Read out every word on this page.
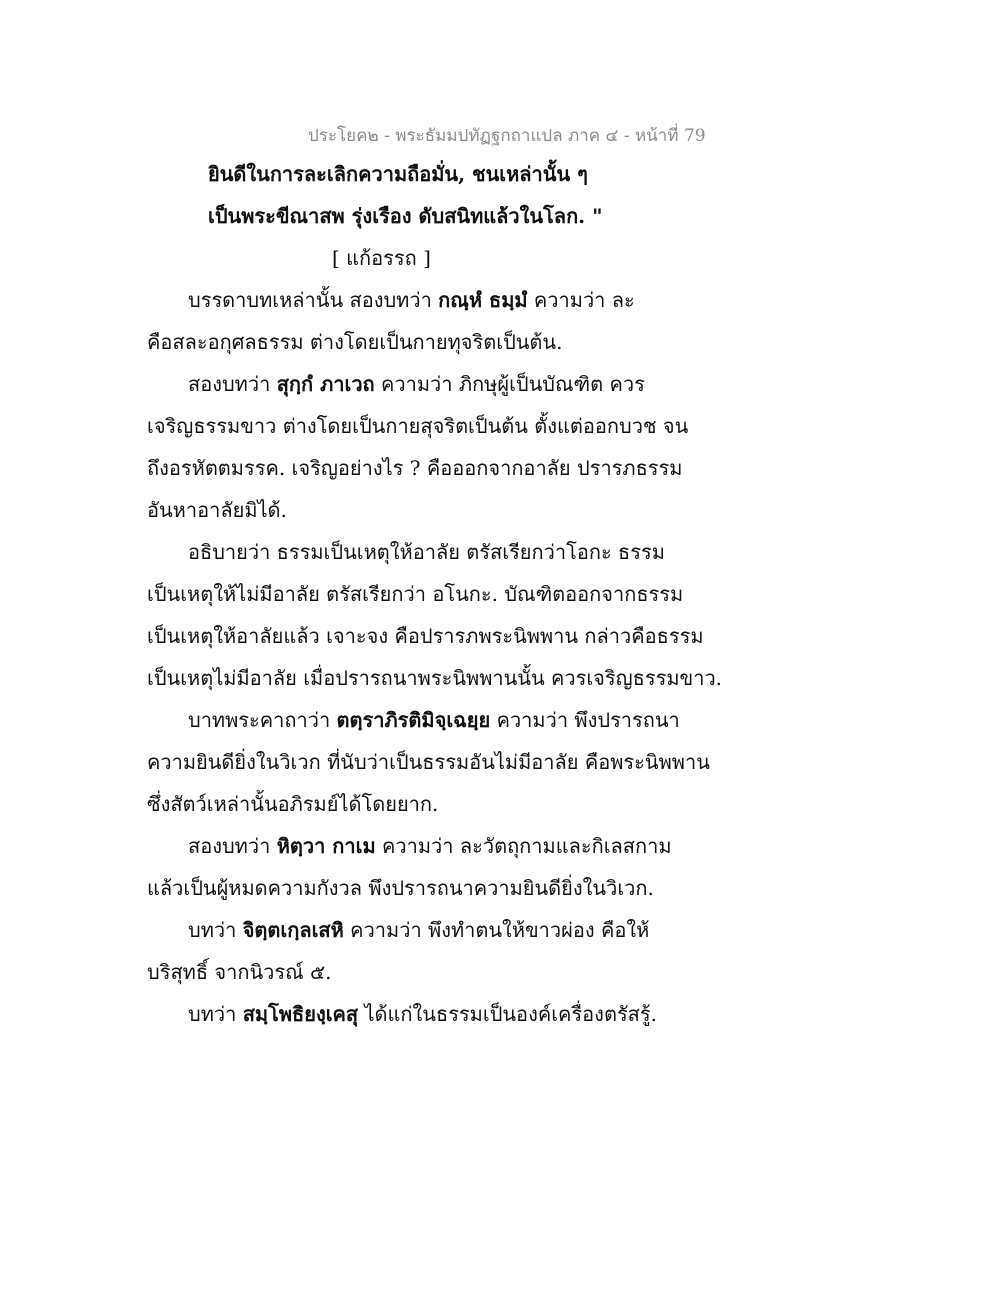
ประโยค๒ - พระธัมมปทัฏฐกถาแปล ภาค ๔ - หน้าที่ 79
ยินดีในการละเลิกความถือมั่น, ชนเหล่านั้น ๆ
เป็นพระขีณาสพ รุ่งเรือง ดับสนิทแล้วในโลก. "
[ แก้อรรถ ]
บรรดาบทเหล่านั้น สองบทว่า กณฺหํ ธมฺมํ ความว่า ละ
คือสละอกุศลธรรม ต่างโดยเป็นกายทุจริตเป็นต้น.
สองบทว่า สุกฺกํ ภาเวถ ความว่า ภิกษุผู้เป็นบัณฑิต ควร
เจริญธรรมขาว ต่างโดยเป็นกายสุจริตเป็นต้น ตั้งแต่ออกบวช จน
ถึงอรหัตตมรรค. เจริญอย่างไร ? คือออกจากอาลัย ปรารภธรรม
อันหาอาลัยมิได้.
อธิบายว่า ธรรมเป็นเหตุให้อาลัย ตรัสเรียกว่าโอกะ ธรรม
เป็นเหตุให้ไม่มีอาลัย ตรัสเรียกว่า อโนกะ. บัณฑิตออกจากธรรม
เป็นเหตุให้อาลัยแล้ว เจาะจง คือปรารภพระนิพพาน กล่าวคือธรรม
เป็นเหตุไม่มีอาลัย เมื่อปรารถนาพระนิพพานนั้น ควรเจริญธรรมขาว.
บาทพระคาถาว่า ตตฺราภิรติมิจฺเฉยฺย ความว่า พึงปรารถนา
ความยินดียิ่งในวิเวก ที่นับว่าเป็นธรรมอันไม่มีอาลัย คือพระนิพพาน
ซึ่งสัตว์เหล่านั้นอภิรมย์ได้โดยยาก.
สองบทว่า หิตฺวา กาเม ความว่า ละวัตถุกามและกิเลสกาม
แล้วเป็นผู้หมดความกังวล พึงปรารถนาความยินดียิ่งในวิเวก.
บทว่า จิตฺตเกฺลเสหิ ความว่า พึงทำตนให้ขาวผ่อง คือให้
บริสุทธิ์ จากนิวรณ์ ๕.
บทว่า สมฺโพธิยงฺเคสุ ได้แก่ในธรรมเป็นองค์เครื่องตรัสรู้.
